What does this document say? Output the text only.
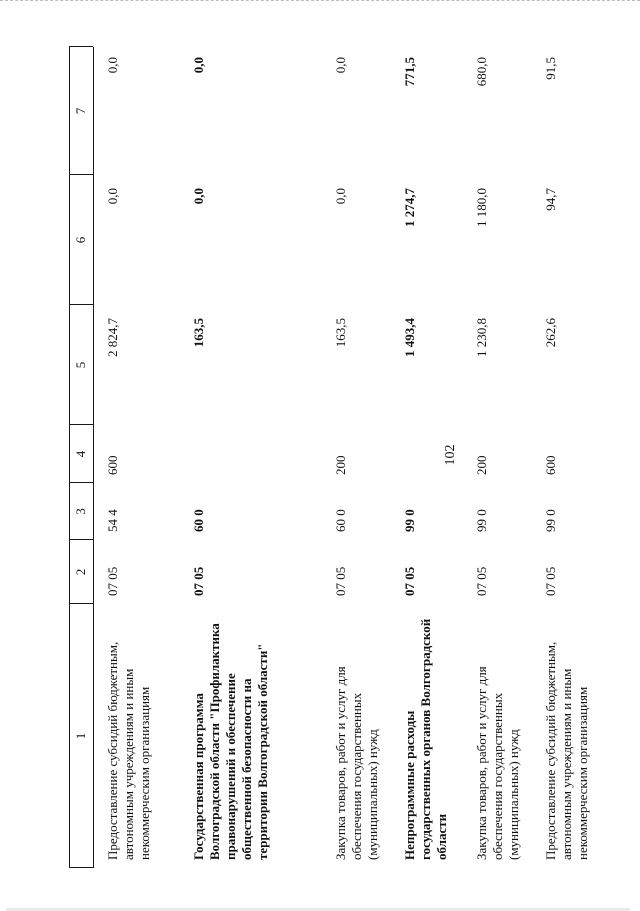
102
1
2
3
4
5
6
7
Предоставление субсидий бюджетным, автономным учреждениям и иным некоммерческим организациям
07 05
54 4
600
2 824,7
0,0
0,0
Государственная программа Волгоградской области "Профилактика правонарушений и обеспечение общественной безопасности на территории Волгоградской области"
07 05
60 0
163,5
0,0
0,0
Закупка товаров, работ и услуг для обеспечения государственных (муниципальных) нужд
07 05
60 0
200
163,5
0,0
0,0
Непрограммные расходы государственных органов Волгоградской области
07 05
99 0
1 493,4
1 274,7
771,5
Закупка товаров, работ и услуг для обеспечения государственных (муниципальных) нужд
07 05
99 0
200
1 230,8
1 180,0
680,0
Предоставление субсидий бюджетным, автономным учреждениям и иным некоммерческим организациям
07 05
99 0
600
262,6
94,7
91,5
